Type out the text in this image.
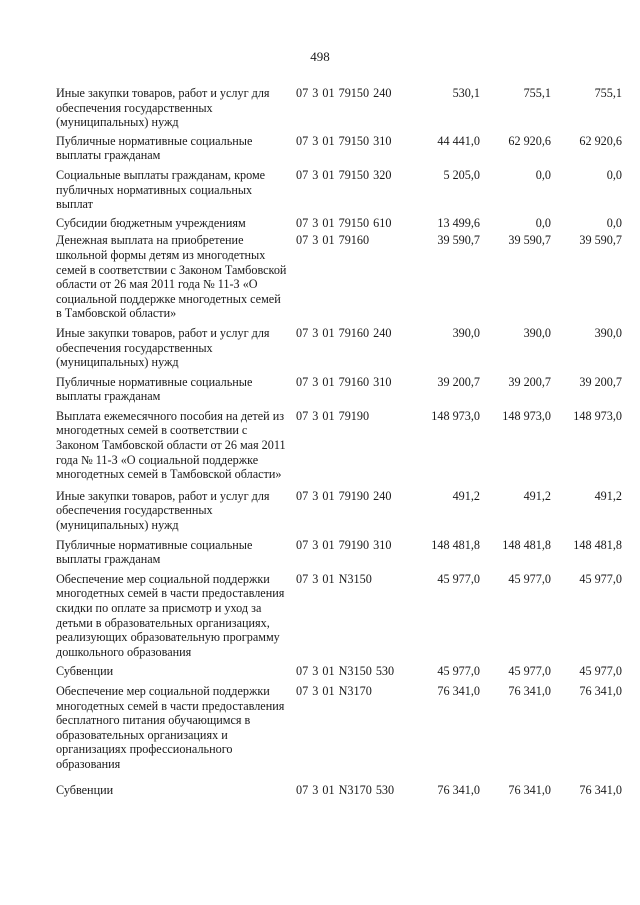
498
Иные закупки товаров, работ и услуг для обеспечения государственных (муниципальных) нужд
07 3 01 79150 240	530,1	755,1	755,1
Публичные нормативные социальные выплаты гражданам
07 3 01 79150 310	44 441,0	62 920,6	62 920,6
Социальные выплаты гражданам, кроме публичных нормативных социальных выплат
07 3 01 79150 320	5 205,0	0,0	0,0
Субсидии бюджетным учреждениям	07 3 01 79150 610	13 499,6	0,0	0,0
Денежная выплата на приобретение школьной формы детям из многодетных семей в соответствии с Законом Тамбовской области от 26 мая 2011 года № 11-З «О социальной поддержке многодетных семей в Тамбовской области»
07 3 01 79160	39 590,7	39 590,7	39 590,7
Иные закупки товаров, работ и услуг для обеспечения государственных (муниципальных) нужд
07 3 01 79160 240	390,0	390,0	390,0
Публичные нормативные социальные выплаты гражданам
07 3 01 79160 310	39 200,7	39 200,7	39 200,7
Выплата ежемесячного пособия на детей из многодетных семей в соответствии с Законом Тамбовской области от 26 мая 2011 года № 11-З «О социальной поддержке многодетных семей в Тамбовской области»
07 3 01 79190	148 973,0	148 973,0	148 973,0
Иные закупки товаров, работ и услуг для обеспечения государственных (муниципальных) нужд
07 3 01 79190 240	491,2	491,2	491,2
Публичные нормативные социальные выплаты гражданам
07 3 01 79190 310	148 481,8	148 481,8	148 481,8
Обеспечение мер социальной поддержки многодетных семей в части предоставления скидки по оплате за присмотр и уход за детьми в образовательных организациях, реализующих образовательную программу дошкольного образования
07 3 01 N3150	45 977,0	45 977,0	45 977,0
Субвенции	07 3 01 N3150 530	45 977,0	45 977,0	45 977,0
Обеспечение мер социальной поддержки многодетных семей в части предоставления бесплатного питания обучающимся в образовательных организациях и организациях профессионального образования
07 3 01 N3170	76 341,0	76 341,0	76 341,0
Субвенции	07 3 01 N3170 530	76 341,0	76 341,0	76 341,0
